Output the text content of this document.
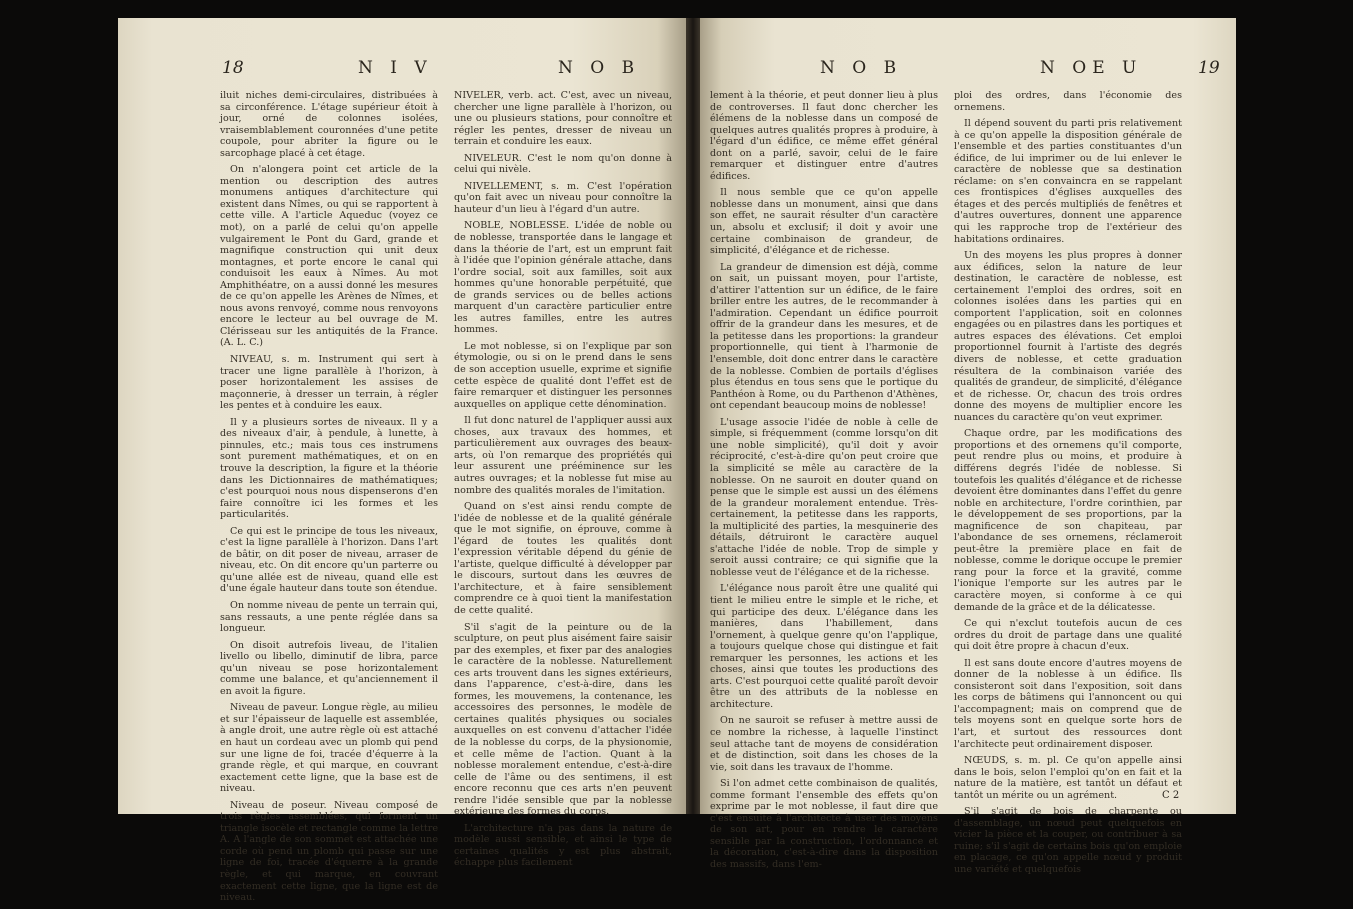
18	N I V	N O B

iluit niches demi-circulaires, distribuées à sa circonférence. L'étage supérieur étoit à jour, orné de colonnes isolées, vraisemblablement couronnées d'une petite coupole, pour abriter la figure ou le sarcophage placé à cet étage.

On n'alongera point cet article de la mention ou description des autres monumens antiques d'architecture qui existent dans Nîmes, ou qui se rapportent à cette ville. A l'article Aqueduc (voyez ce mot), on a parlé de celui qu'on appelle vulgairement le Pont du Gard, grande et magnifique construction qui unit deux montagnes, et porte encore le canal qui conduisoit les eaux à Nîmes. Au mot Amphithéatre, on a aussi donné les mesures de ce qu'on appelle les Arènes de Nîmes, et nous avons renvoyé, comme nous renvoyons encore le lecteur au bel ouvrage de M. Clérisseau sur les antiquités de la France. (A. L. C.)

NIVEAU, s. m. Instrument qui sert à tracer une ligne parallèle à l'horizon, à poser horizontalement les assises de maçonnerie, à dresser un terrain, à régler les pentes et à conduire les eaux.

Il y a plusieurs sortes de niveaux. Il y a des niveaux d'air, à pendule, à lunette, à pinnules, etc.; mais tous ces instrumens sont purement mathématiques, et on en trouve la description, la figure et la théorie dans les Dictionnaires de mathématiques; c'est pourquoi nous nous dispenserons d'en faire connoître ici les formes et les particularités.

Ce qui est le principe de tous les niveaux, c'est la ligne parallèle à l'horizon. Dans l'art de bâtir, on dit poser de niveau, arraser de niveau, etc. On dit encore qu'un parterre ou qu'une allée est de niveau, quand elle est d'une égale hauteur dans toute son étendue.

On nomme niveau de pente un terrain qui, sans ressauts, a une pente réglée dans sa longueur.

On disoit autrefois liveau, de l'italien livello ou libello, diminutif de libra, parce qu'un niveau se pose horizontalement comme une balance, et qu'anciennement il en avoit la figure.

Niveau de paveur. Longue règle, au milieu et sur l'épaisseur de laquelle est assemblée, à angle droit, une autre règle où est attaché en haut un cordeau avec un plomb qui pend sur une ligne de foi, tracée d'équerre à la grande règle, et qui marque, en couvrant exactement cette ligne, que la base est de niveau.

Niveau de poseur. Niveau composé de trois règles assemblées, qui forment un triangle isocèle et rectangle comme la lettre A. A l'angle de son sommet est attachée une corde où pend un plomb qui passe sur une ligne de foi, tracée d'équerre à la grande règle, et qui marque, en couvrant exactement cette ligne, que la ligne est de niveau.

NIVELER, verb. act. C'est, avec un niveau, chercher une ligne parallèle à l'horizon, ou une ou plusieurs stations, pour connoître et régler les pentes, dresser de niveau un terrain et conduire les eaux.

NIVELEUR. C'est le nom qu'on donne à celui qui nivèle.

NIVELLEMENT, s. m. C'est l'opération qu'on fait avec un niveau pour connoître la hauteur d'un lieu à l'égard d'un autre.

NOBLE, NOBLESSE. L'idée de noble ou de noblesse, transportée dans le langage et dans la théorie de l'art, est un emprunt fait à l'idée que l'opinion générale attache, dans l'ordre social, soit aux familles, soit aux hommes qu'une honorable perpétuité, que de grands services ou de belles actions marquent d'un caractère particulier entre les autres familles, entre les autres hommes.

Le mot noblesse, si on l'explique par son étymologie, ou si on le prend dans le sens de son acception usuelle, exprime et signifie cette espèce de qualité dont l'effet est de faire remarquer et distinguer les personnes auxquelles on applique cette dénomination.

Il fut donc naturel de l'appliquer aussi aux choses, aux travaux des hommes, et particulièrement aux ouvrages des beaux-arts, où l'on remarque des propriétés qui leur assurent une prééminence sur les autres ouvrages; et la noblesse fut mise au nombre des qualités morales de l'imitation.

Quand on s'est ainsi rendu compte de l'idée de noblesse et de la qualité générale que le mot signifie, on éprouve, comme à l'égard de toutes les qualités dont l'expression véritable dépend du génie de l'artiste, quelque difficulté à développer par le discours, surtout dans les œuvres de l'architecture, et à faire sensiblement comprendre ce à quoi tient la manifestation de cette qualité.

S'il s'agit de la peinture ou de la sculpture, on peut plus aisément faire saisir par des exemples, et fixer par des analogies le caractère de la noblesse. Naturellement ces arts trouvent dans les signes extérieurs, dans l'apparence, c'est-à-dire, dans les formes, les mouvemens, la contenance, les accessoires des personnes, le modèle de certaines qualités physiques ou sociales auxquelles on est convenu d'attacher l'idée de la noblesse du corps, de la physionomie, et celle même de l'action. Quant à la noblesse moralement entendue, c'est-à-dire celle de l'âme ou des sentimens, il est encore reconnu que ces arts n'en peuvent rendre l'idée sensible que par la noblesse extérieure des formes du corps.

L'architecture n'a pas dans la nature de modèle aussi sensible, et ainsi le type de certaines qualités y est plus abstrait, échappe plus facilement

N O B	N OE U	19

lement à la théorie, et peut donner lieu à plus de controverses. Il faut donc chercher les élémens de la noblesse dans un composé de quelques autres qualités propres à produire, à l'égard d'un édifice, ce même effet général dont on a parlé, savoir, celui de le faire remarquer et distinguer entre d'autres édifices.

Il nous semble que ce qu'on appelle noblesse dans un monument, ainsi que dans son effet, ne saurait résulter d'un caractère un, absolu et exclusif; il doit y avoir une certaine combinaison de grandeur, de simplicité, d'élégance et de richesse.

La grandeur de dimension est déjà, comme on sait, un puissant moyen, pour l'artiste, d'attirer l'attention sur un édifice, de le faire briller entre les autres, de le recommander à l'admiration. Cependant un édifice pourroit offrir de la grandeur dans les mesures, et de la petitesse dans les proportions: la grandeur proportionnelle, qui tient à l'harmonie de l'ensemble, doit donc entrer dans le caractère de la noblesse. Combien de portails d'églises plus étendus en tous sens que le portique du Panthéon à Rome, ou du Parthenon d'Athènes, ont cependant beaucoup moins de noblesse!

L'usage associe l'idée de noble à celle de simple, si fréquemment (comme lorsqu'on dit une noble simplicité), qu'il doit y avoir réciprocité, c'est-à-dire qu'on peut croire que la simplicité se mêle au caractère de la noblesse. On ne sauroit en douter quand on pense que le simple est aussi un des élémens de la grandeur moralement entendue. Très-certainement, la petitesse dans les rapports, la multiplicité des parties, la mesquinerie des détails, détruiront le caractère auquel s'attache l'idée de noble. Trop de simple y seroit aussi contraire; ce qui signifie que la noblesse veut de l'élégance et de la richesse.

L'élégance nous paroît être une qualité qui tient le milieu entre le simple et le riche, et qui participe des deux. L'élégance dans les manières, dans l'habillement, dans l'ornement, à quelque genre qu'on l'applique, a toujours quelque chose qui distingue et fait remarquer les personnes, les actions et les choses, ainsi que toutes les productions des arts. C'est pourquoi cette qualité paroît devoir être un des attributs de la noblesse en architecture.

On ne sauroit se refuser à mettre aussi de ce nombre la richesse, à laquelle l'instinct seul attache tant de moyens de considération et de distinction, soit dans les choses de la vie, soit dans les travaux de l'homme.

Si l'on admet cette combinaison de qualités, comme formant l'ensemble des effets qu'on exprime par le mot noblesse, il faut dire que c'est ensuite à l'architecte à user des moyens de son art, pour en rendre le caractère sensible par la construction, l'ordonnance et la décoration, c'est-à-dire dans la disposition des massifs, dans l'em-

ploi des ordres, dans l'économie des ornemens.

Il dépend souvent du parti pris relativement à ce qu'on appelle la disposition générale de l'ensemble et des parties constituantes d'un édifice, de lui imprimer ou de lui enlever le caractère de noblesse que sa destination réclame: on s'en convaincra en se rappelant ces frontispices d'églises auxquelles des étages et des percés multipliés de fenêtres et d'autres ouvertures, donnent une apparence qui les rapproche trop de l'extérieur des habitations ordinaires.

Un des moyens les plus propres à donner aux édifices, selon la nature de leur destination, le caractère de noblesse, est certainement l'emploi des ordres, soit en colonnes isolées dans les parties qui en comportent l'application, soit en colonnes engagées ou en pilastres dans les portiques et autres espaces des élévations. Cet emploi proportionnel fournit à l'artiste des degrés divers de noblesse, et cette graduation résultera de la combinaison variée des qualités de grandeur, de simplicité, d'élégance et de richesse. Or, chacun des trois ordres donne des moyens de multiplier encore les nuances du caractère qu'on veut exprimer.

Chaque ordre, par les modifications des proportions et des ornemens qu'il comporte, peut rendre plus ou moins, et produire à différens degrés l'idée de noblesse. Si toutefois les qualités d'élégance et de richesse devoient être dominantes dans l'effet du genre noble en architecture, l'ordre corinthien, par le développement de ses proportions, par la magnificence de son chapiteau, par l'abondance de ses ornemens, réclameroit peut-être la première place en fait de noblesse, comme le dorique occupe le premier rang pour la force et la gravité, comme l'ionique l'emporte sur les autres par le caractère moyen, si conforme à ce qui demande de la grâce et de la délicatesse.

Ce qui n'exclut toutefois aucun de ces ordres du droit de partage dans une qualité qui doit être propre à chacun d'eux.

Il est sans doute encore d'autres moyens de donner de la noblesse à un édifice. Ils consisteront soit dans l'exposition, soit dans les corps de bâtimens qui l'annoncent ou qui l'accompagnent; mais on comprend que de tels moyens sont en quelque sorte hors de l'art, et surtout des ressources dont l'architecte peut ordinairement disposer.

NŒUDS, s. m. pl. Ce qu'on appelle ainsi dans le bois, selon l'emploi qu'on en fait et la nature de la matière, est tantôt un défaut et tantôt un mérite ou un agrément.

S'il s'agit de bois de charpente ou d'assemblage, un nœud peut quelquefois en vicier la pièce et la couper, ou contribuer à sa ruine; s'il s'agit de certains bois qu'on emploie en placage, ce qu'on appelle nœud y produit une variété et quelquefois

C 2
